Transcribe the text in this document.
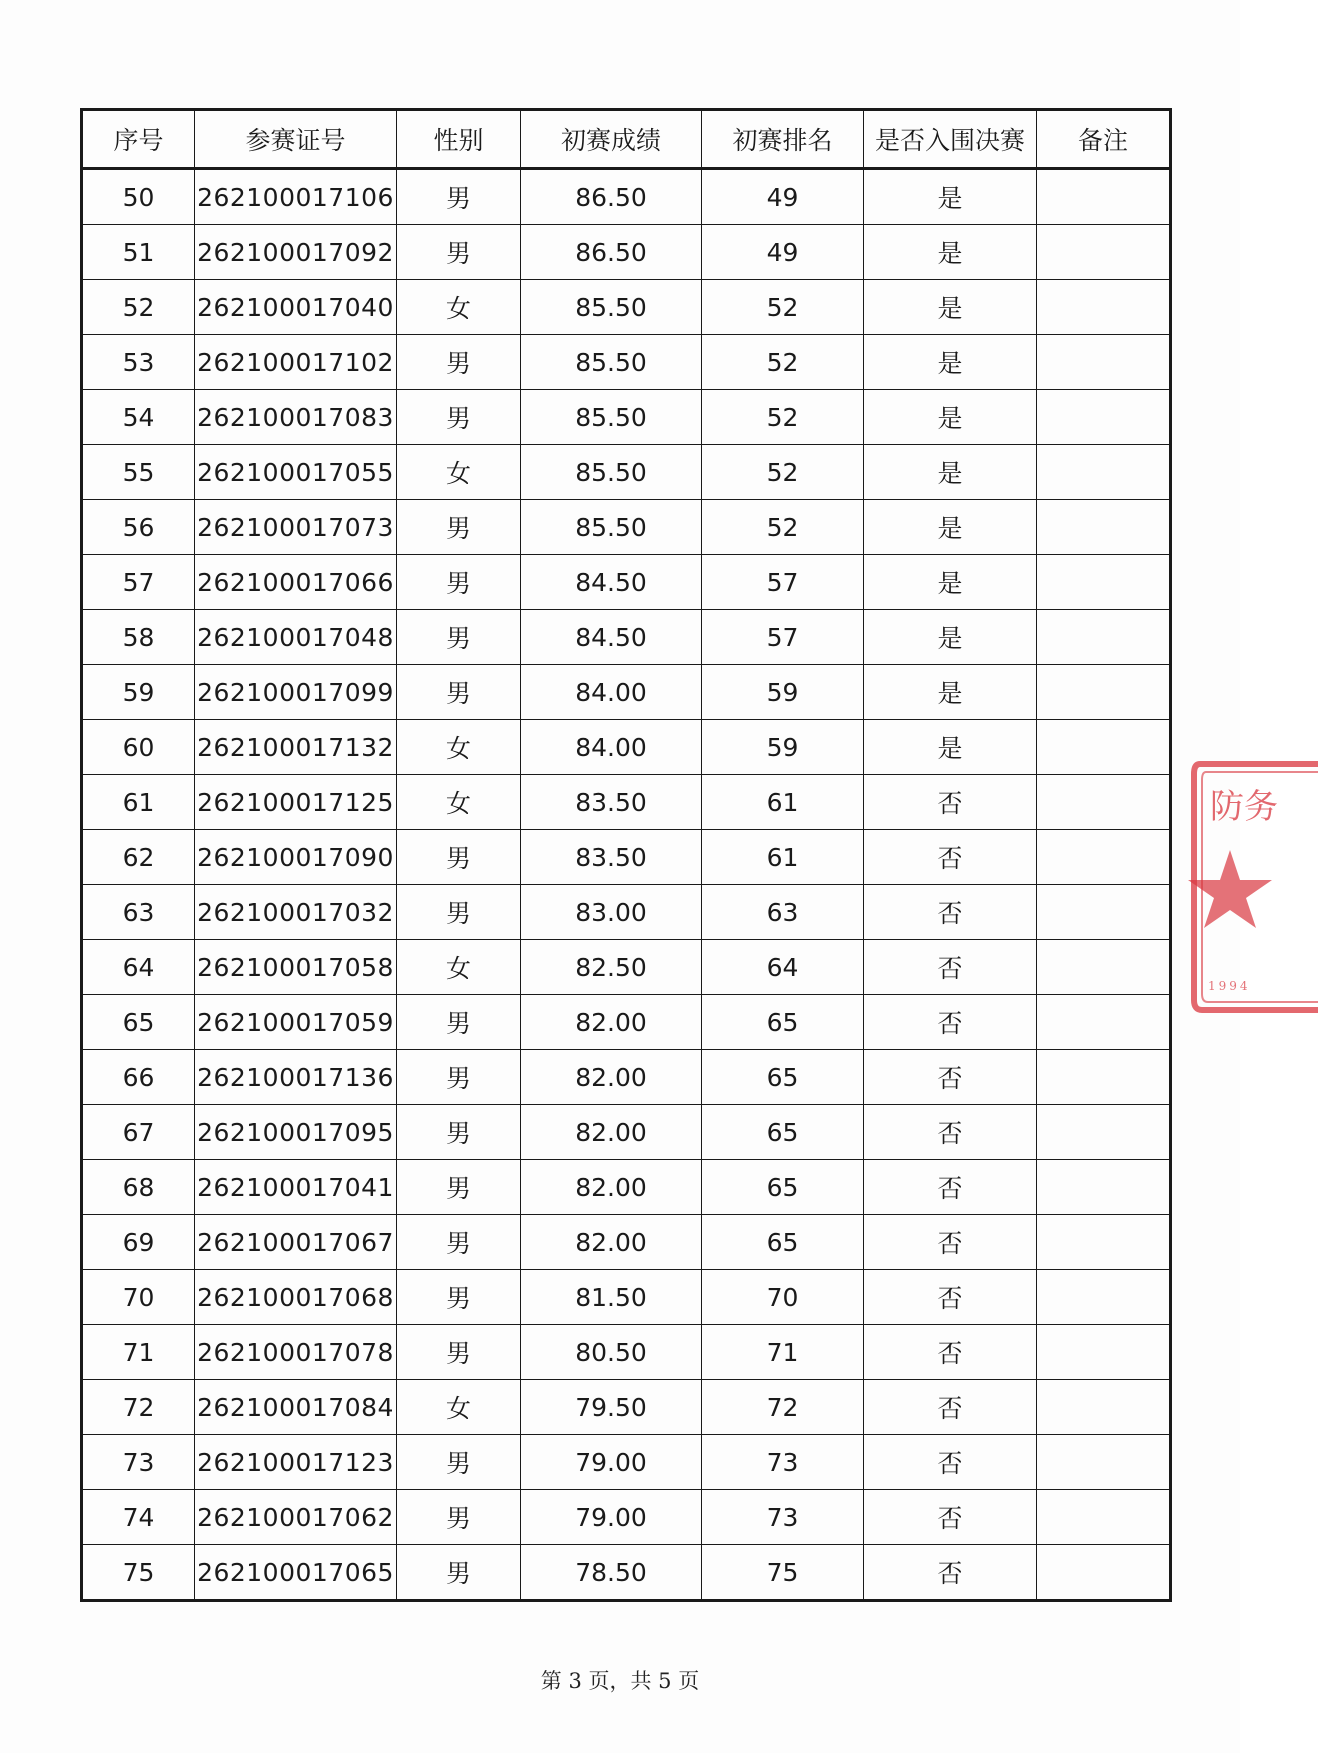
序号	参赛证号	性别	初赛成绩	初赛排名	是否入围决赛	备注
50	262100017106	男	86.50	49	是	
51	262100017092	男	86.50	49	是	
52	262100017040	女	85.50	52	是	
53	262100017102	男	85.50	52	是	
54	262100017083	男	85.50	52	是	
55	262100017055	女	85.50	52	是	
56	262100017073	男	85.50	52	是	
57	262100017066	男	84.50	57	是	
58	262100017048	男	84.50	57	是	
59	262100017099	男	84.00	59	是	
60	262100017132	女	84.00	59	是	
61	262100017125	女	83.50	61	否	
62	262100017090	男	83.50	61	否	
63	262100017032	男	83.00	63	否	
64	262100017058	女	82.50	64	否	
65	262100017059	男	82.00	65	否	
66	262100017136	男	82.00	65	否	
67	262100017095	男	82.00	65	否	
68	262100017041	男	82.00	65	否	
69	262100017067	男	82.00	65	否	
70	262100017068	男	81.50	70	否	
71	262100017078	男	80.50	71	否	
72	262100017084	女	79.50	72	否	
73	262100017123	男	79.00	73	否	
74	262100017062	男	79.00	73	否	
75	262100017065	男	78.50	75	否	
防务
1994
第 3 页，共 5 页
